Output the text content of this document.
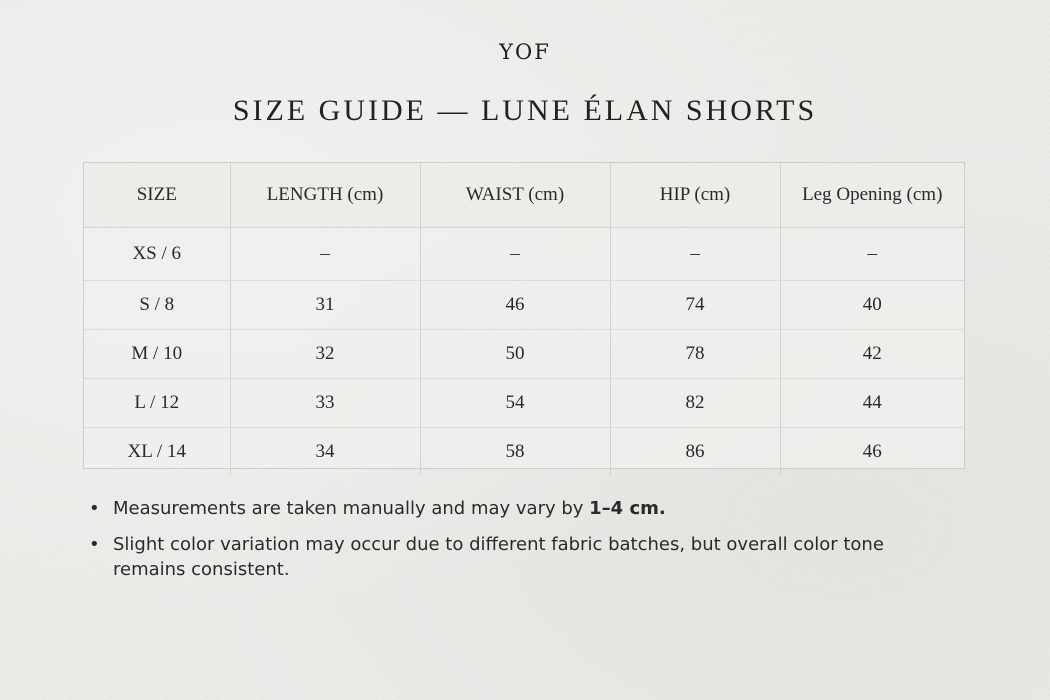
YOF
SIZE GUIDE — LUNE ÉLAN SHORTS
SIZE	LENGTH (cm)	WAIST (cm)	HIP (cm)	Leg Opening (cm)
XS / 6	–	–	–	–
S / 8	31	46	74	40
M / 10	32	50	78	42
L / 12	33	54	82	44
XL / 14	34	58	86	46
• Measurements are taken manually and may vary by 1–4 cm.
• Slight color variation may occur due to different fabric batches, but overall color tone remains consistent.
